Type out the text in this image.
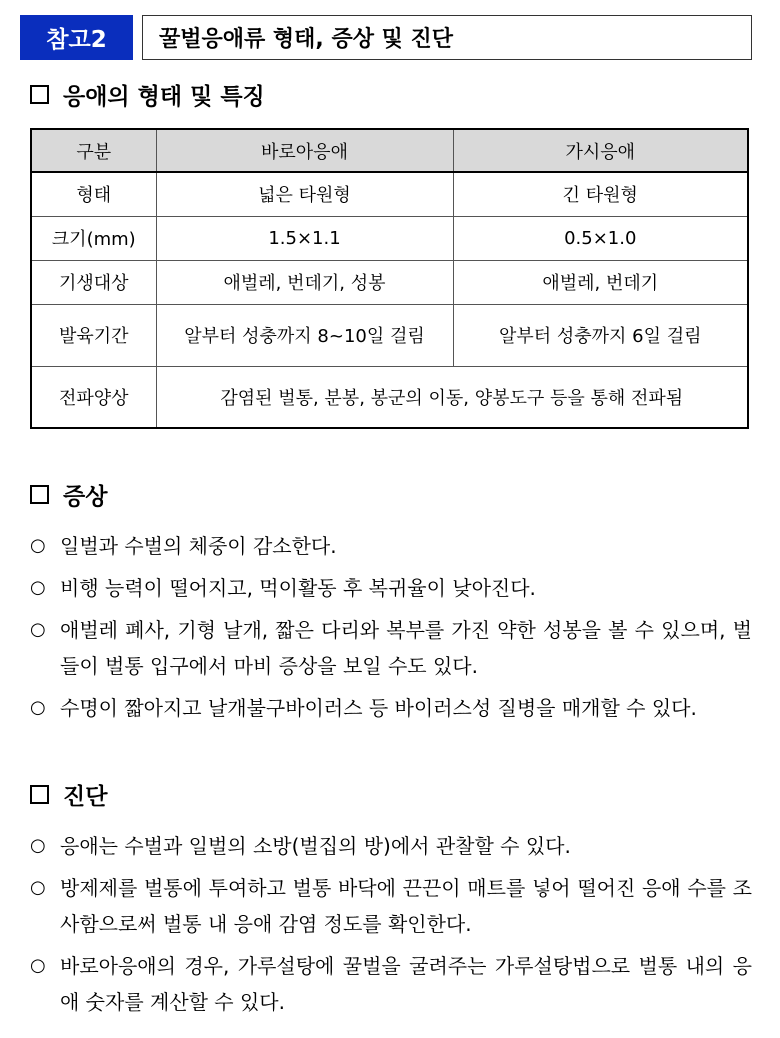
참고2	꿀벌응애류 형태, 증상 및 진단
응애의 형태 및 특징
구분	바로아응애	가시응애
형태	넓은 타원형	긴 타원형
크기(mm)	1.5×1.1	0.5×1.0
기생대상	애벌레, 번데기, 성봉	애벌레, 번데기
발육기간	알부터 성충까지 8~10일 걸림	알부터 성충까지 6일 걸림
전파양상	감염된 벌통, 분봉, 봉군의 이동, 양봉도구 등을 통해 전파됨	
증상
○ 일벌과 수벌의 체중이 감소한다.
○ 비행 능력이 떨어지고, 먹이활동 후 복귀율이 낮아진다.
○ 애벌레 폐사, 기형 날개, 짧은 다리와 복부를 가진 약한 성봉을 볼 수 있으며, 벌들이 벌통 입구에서 마비 증상을 보일 수도 있다.
○ 수명이 짧아지고 날개불구바이러스 등 바이러스성 질병을 매개할 수 있다.
진단
○ 응애는 수벌과 일벌의 소방(벌집의 방)에서 관찰할 수 있다.
○ 방제제를 벌통에 투여하고 벌통 바닥에 끈끈이 매트를 넣어 떨어진 응애 수를 조사함으로써 벌통 내 응애 감염 정도를 확인한다.
○ 바로아응애의 경우, 가루설탕에 꿀벌을 굴려주는 가루설탕법으로 벌통 내의 응애 숫자를 계산할 수 있다.
